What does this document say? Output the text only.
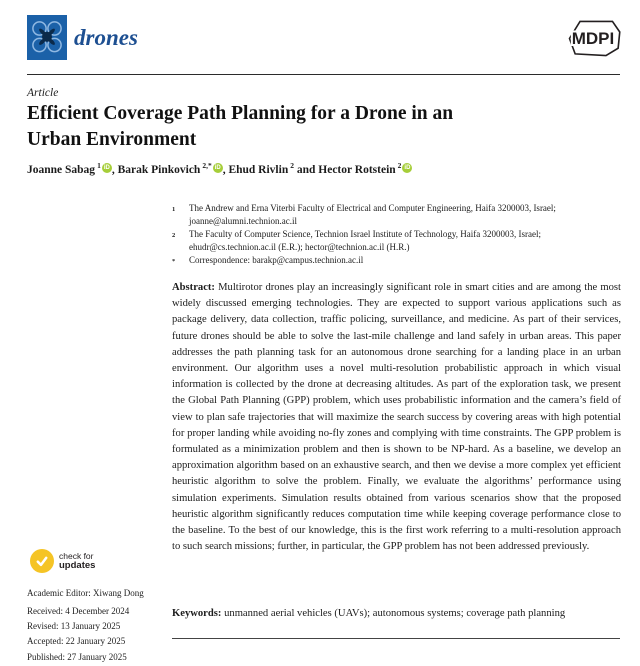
drones	MDPI
Article
Efficient Coverage Path Planning for a Drone in an
Urban Environment
Joanne Sabag $^1$ iD , Barak Pinkovich $^{2,*}$ iD , Ehud Rivlin $^2$ and Hector Rotstein $^2$ iD
1	The Andrew and Erna Viterbi Faculty of Electrical and Computer Engineering, Haifa 3200003, Israel; joanne@alumni.technion.ac.il
2	The Faculty of Computer Science, Technion Israel Institute of Technology, Haifa 3200003, Israel; ehudr@cs.technion.ac.il (E.R.); hector@technion.ac.il (H.R.)
*	Correspondence: barakp@campus.technion.ac.il

Abstract: Multirotor drones play an increasingly significant role in smart cities and are among the most widely discussed emerging technologies. They are expected to support various applications such as package delivery, data collection, traffic policing, surveillance, and medicine. As part of their services, future drones should be able to solve the last-mile challenge and land safely in urban areas. This paper addresses the path planning task for an autonomous drone searching for a landing place in an urban environment. Our algorithm uses a novel multi-resolution probabilistic approach in which visual information is collected by the drone at decreasing altitudes. As part of the exploration task, we present the Global Path Planning (GPP) problem, which uses probabilistic information and the camera’s field of view to plan safe trajectories that will maximize the search success by covering areas with high potential for proper landing while avoiding no-fly zones and complying with time constraints. The GPP problem is formulated as a minimization problem and then is shown to be NP-hard. As a baseline, we develop an approximation algorithm based on an exhaustive search, and then we devise a more complex yet efficient heuristic algorithm to solve the problem. Finally, we evaluate the algorithms’ performance using simulation experiments. Simulation results obtained from various scenarios show that the proposed heuristic algorithm significantly reduces computation time while keeping coverage performance close to the baseline. To the best of our knowledge, this is the first work referring to a multi-resolution approach to such search missions; further, in particular, the GPP problem has not been addressed previously.

Keywords: unmanned aerial vehicles (UAVs); autonomous systems; coverage path planning

check for
updates
Academic Editor: Xiwang Dong
Received: 4 December 2024
Revised: 13 January 2025
Accepted: 22 January 2025
Published: 27 January 2025
